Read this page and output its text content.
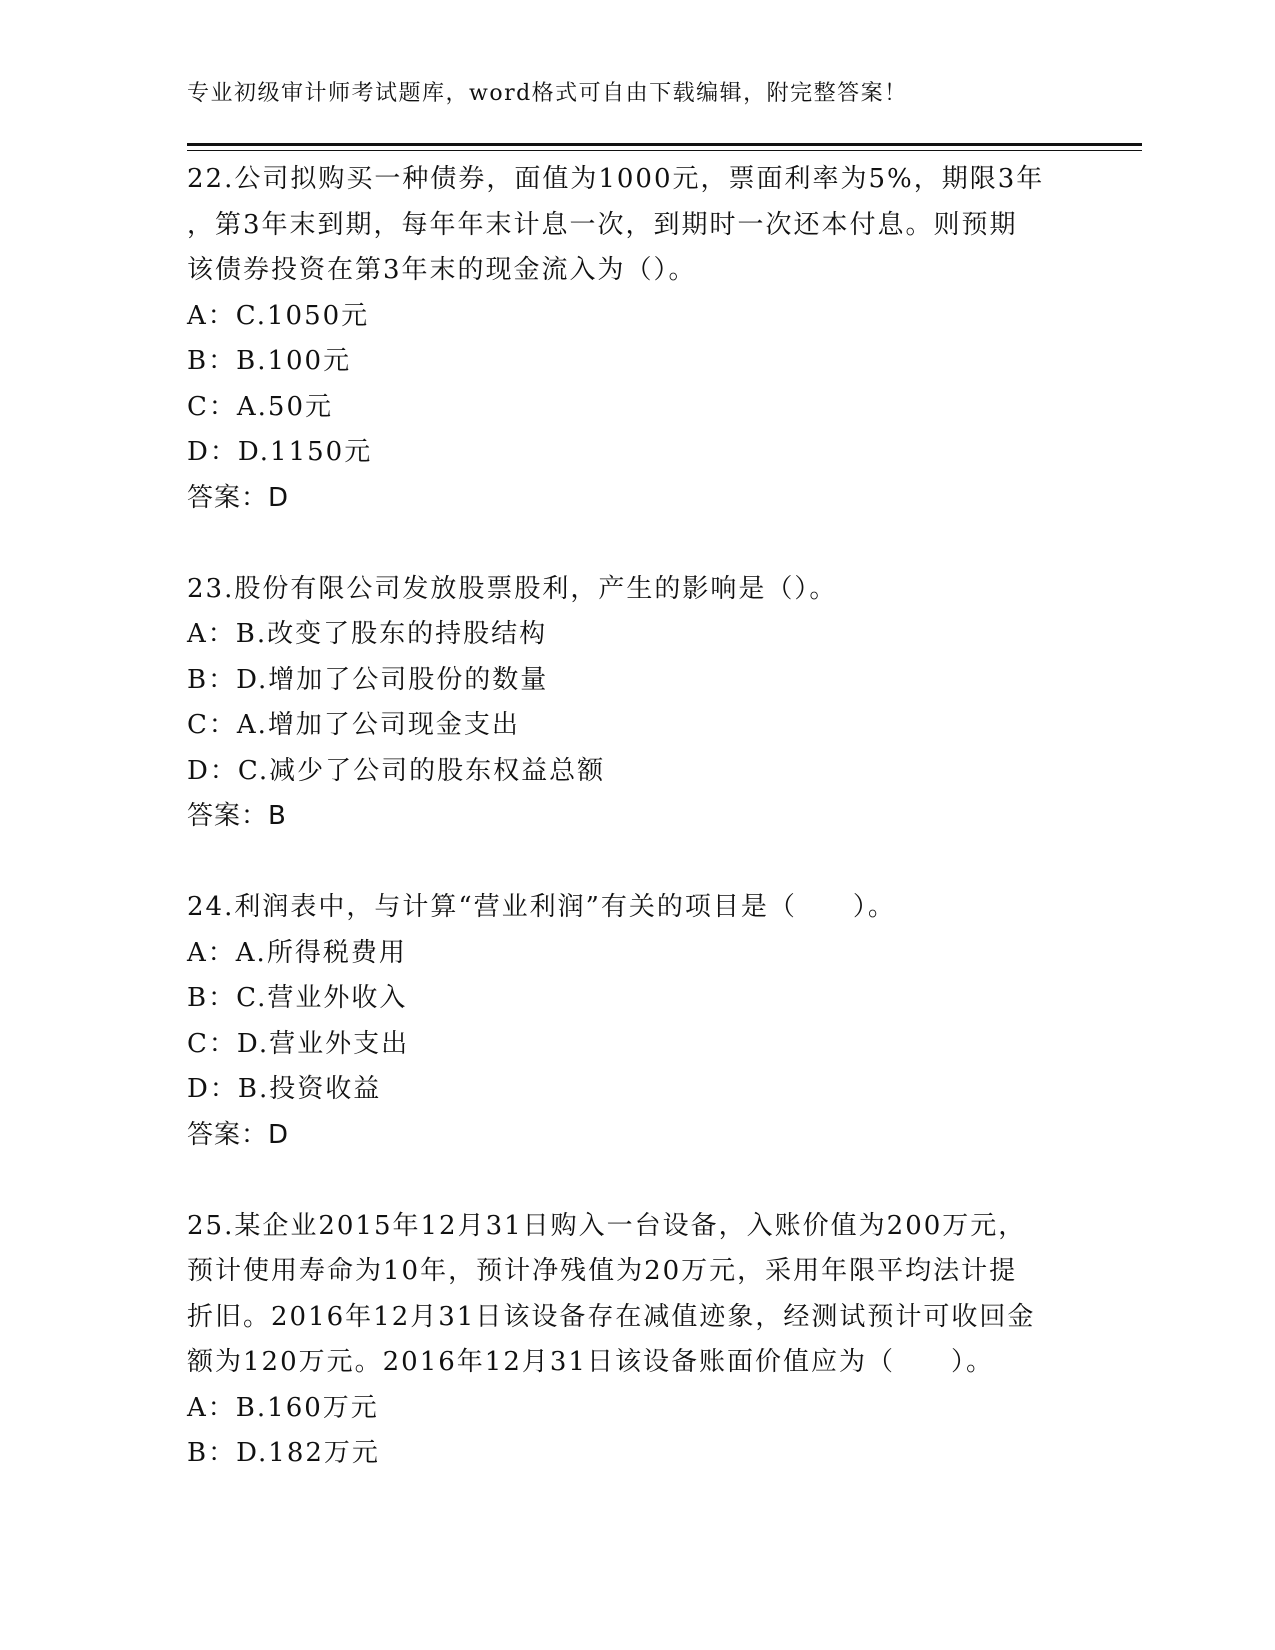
专业初级审计师考试题库，word格式可自由下载编辑，附完整答案！
22.公司拟购买一种债券，面值为1000元，票面利率为5%，期限3年
，第3年末到期，每年年末计息一次，到期时一次还本付息。则预期
该债券投资在第3年末的现金流入为（）。
A：C.1050元
B：B.100元
C：A.50元
D：D.1150元
答案：D
23.股份有限公司发放股票股利，产生的影响是（）。
A：B.改变了股东的持股结构
B：D.增加了公司股份的数量
C：A.增加了公司现金支出
D：C.减少了公司的股东权益总额
答案：B
24.利润表中，与计算“营业利润”有关的项目是（　　）。
A：A.所得税费用
B：C.营业外收入
C：D.营业外支出
D：B.投资收益
答案：D
25.某企业2015年12月31日购入一台设备，入账价值为200万元，
预计使用寿命为10年，预计净残值为20万元，采用年限平均法计提
折旧。2016年12月31日该设备存在减值迹象，经测试预计可收回金
额为120万元。2016年12月31日该设备账面价值应为（　　）。
A：B.160万元
B：D.182万元
